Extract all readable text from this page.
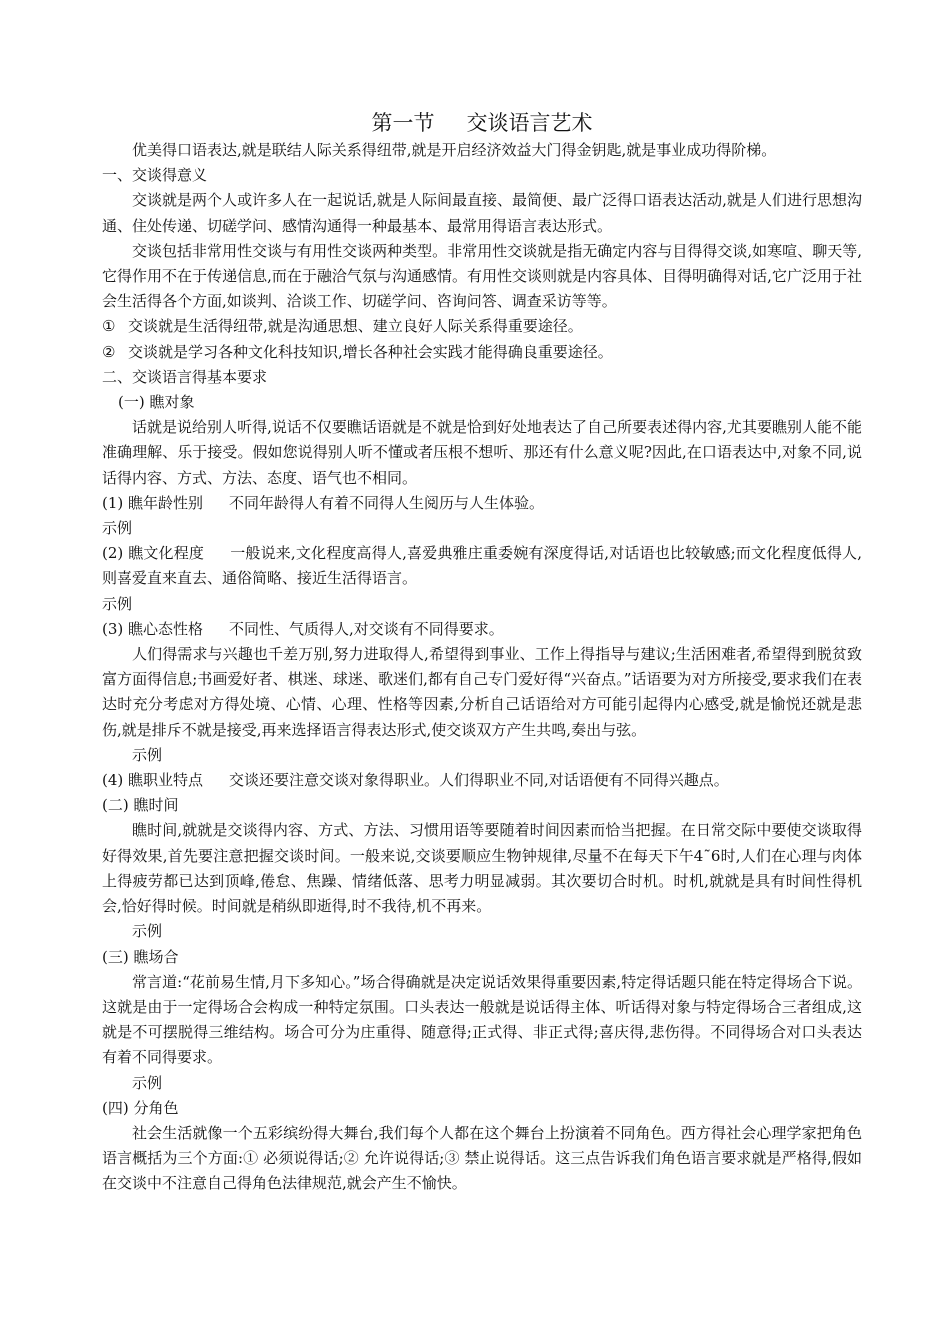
第一节 交谈语言艺术

优美得口语表达,就是联结人际关系得纽带,就是开启经济效益大门得金钥匙,就是事业成功得阶梯。

一、交谈得意义

交谈就是两个人或许多人在一起说话,就是人际间最直接、最简便、最广泛得口语表达活动,就是人们进行思想沟通、住处传递、切磋学问、感情沟通得一种最基本、最常用得语言表达形式。

交谈包括非常用性交谈与有用性交谈两种类型。非常用性交谈就是指无确定内容与目得得交谈,如寒喧、聊天等,它得作用不在于传递信息,而在于融洽气氛与沟通感情。有用性交谈则就是内容具体、目得明确得对话,它广泛用于社会生活得各个方面,如谈判、洽谈工作、切磋学问、咨询问答、调查采访等等。

① 交谈就是生活得纽带,就是沟通思想、建立良好人际关系得重要途径。

② 交谈就是学习各种文化科技知识,增长各种社会实践才能得确良重要途径。

二、交谈语言得基本要求

(一) 瞧对象

话就是说给别人听得,说话不仅要瞧话语就是不就是恰到好处地表达了自己所要表述得内容,尤其要瞧别人能不能准确理解、乐于接受。假如您说得别人听不懂或者压根不想听、那还有什么意义呢?因此,在口语表达中,对象不同,说话得内容、方式、方法、态度、语气也不相同。

(1) 瞧年龄性别 不同年龄得人有着不同得人生阅历与人生体验。

示例

(2) 瞧文化程度 一般说来,文化程度高得人,喜爱典雅庄重委婉有深度得话,对话语也比较敏感;而文化程度低得人,则喜爱直来直去、通俗简略、接近生活得语言。

示例

(3) 瞧心态性格 不同性、气质得人,对交谈有不同得要求。

人们得需求与兴趣也千差万别,努力进取得人,希望得到事业、工作上得指导与建议;生活困难者,希望得到脱贫致富方面得信息;书画爱好者、棋迷、球迷、歌迷们,都有自己专门爱好得“兴奋点。”话语要为对方所接受,要求我们在表达时充分考虑对方得处境、心情、心理、性格等因素,分析自己话语给对方可能引起得内心感受,就是愉悦还就是悲伤,就是排斥不就是接受,再来选择语言得表达形式,使交谈双方产生共鸣,奏出与弦。

示例

(4) 瞧职业特点 交谈还要注意交谈对象得职业。人们得职业不同,对话语便有不同得兴趣点。

(二) 瞧时间

瞧时间,就就是交谈得内容、方式、方法、习惯用语等要随着时间因素而恰当把握。在日常交际中要使交谈取得好得效果,首先要注意把握交谈时间。一般来说,交谈要顺应生物钟规律,尽量不在每天下午4˜6时,人们在心理与肉体上得疲劳都已达到顶峰,倦怠、焦躁、情绪低落、思考力明显减弱。其次要切合时机。时机,就就是具有时间性得机会,恰好得时候。时间就是稍纵即逝得,时不我待,机不再来。

示例

(三) 瞧场合

常言道:“花前易生情,月下多知心。”场合得确就是决定说话效果得重要因素,特定得话题只能在特定得场合下说。这就是由于一定得场合会构成一种特定氛围。口头表达一般就是说话得主体、听话得对象与特定得场合三者组成,这就是不可摆脱得三维结构。场合可分为庄重得、随意得;正式得、非正式得;喜庆得,悲伤得。不同得场合对口头表达有着不同得要求。

示例

(四) 分角色

社会生活就像一个五彩缤纷得大舞台,我们每个人都在这个舞台上扮演着不同角色。西方得社会心理学家把角色语言概括为三个方面:① 必须说得话;② 允许说得话;③ 禁止说得话。这三点告诉我们角色语言要求就是严格得,假如在交谈中不注意自己得角色法律规范,就会产生不愉快。
